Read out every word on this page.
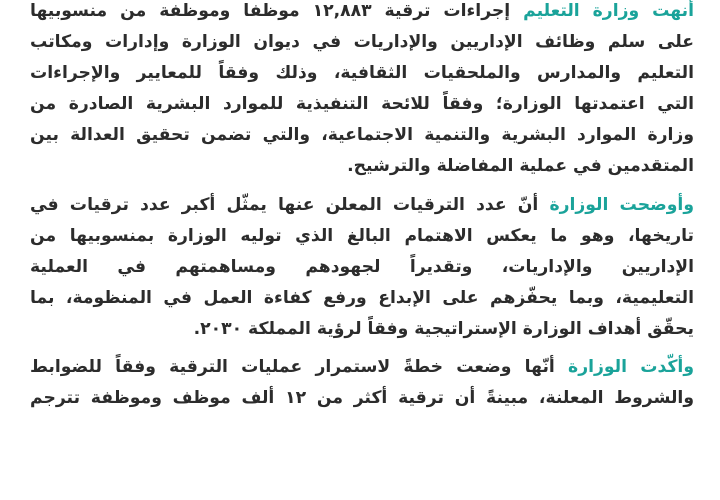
أنهت وزارة التعليم إجراءات ترقية ١٢,٨٨٣ موظفا وموظفة من منسوبيها
على سلم وظائف الإداريين والإداريات في ديوان الوزارة وإدارات ومكاتب
التعليم والمدارس والملحقيات الثقافية، وذلك وفقاً للمعايير والإجراءات
التي اعتمدتها الوزارة؛ وفقاً للائحة التنفيذية للموارد البشرية الصادرة من
وزارة الموارد البشرية والتنمية الاجتماعية، والتي تضمن تحقيق العدالة بين
المتقدمين في عملية المفاضلة والترشيح.
وأوضحت الوزارة أنّ عدد الترقيات المعلن عنها يمثّل أكبر عدد ترقيات في
تاريخها، وهو ما يعكس الاهتمام البالغ الذي توليه الوزارة بمنسوبيها من
الإداريين والإداريات، وتقديراً لجهودهم ومساهمتهم في العملية
التعليمية، وبما يحفّزهم على الإبداع ورفع كفاءة العمل في المنظومة، بما
يحقّق أهداف الوزارة الإستراتيجية وفقاً لرؤية المملكة ٢٠٣٠.
وأكّدت الوزارة أنّها وضعت خطةً لاستمرار عمليات الترقية وفقاً للضوابط
والشروط المعلنة، مبينةً أن ترقية أكثر من ١٢ ألف موظف وموظفة تترجم
